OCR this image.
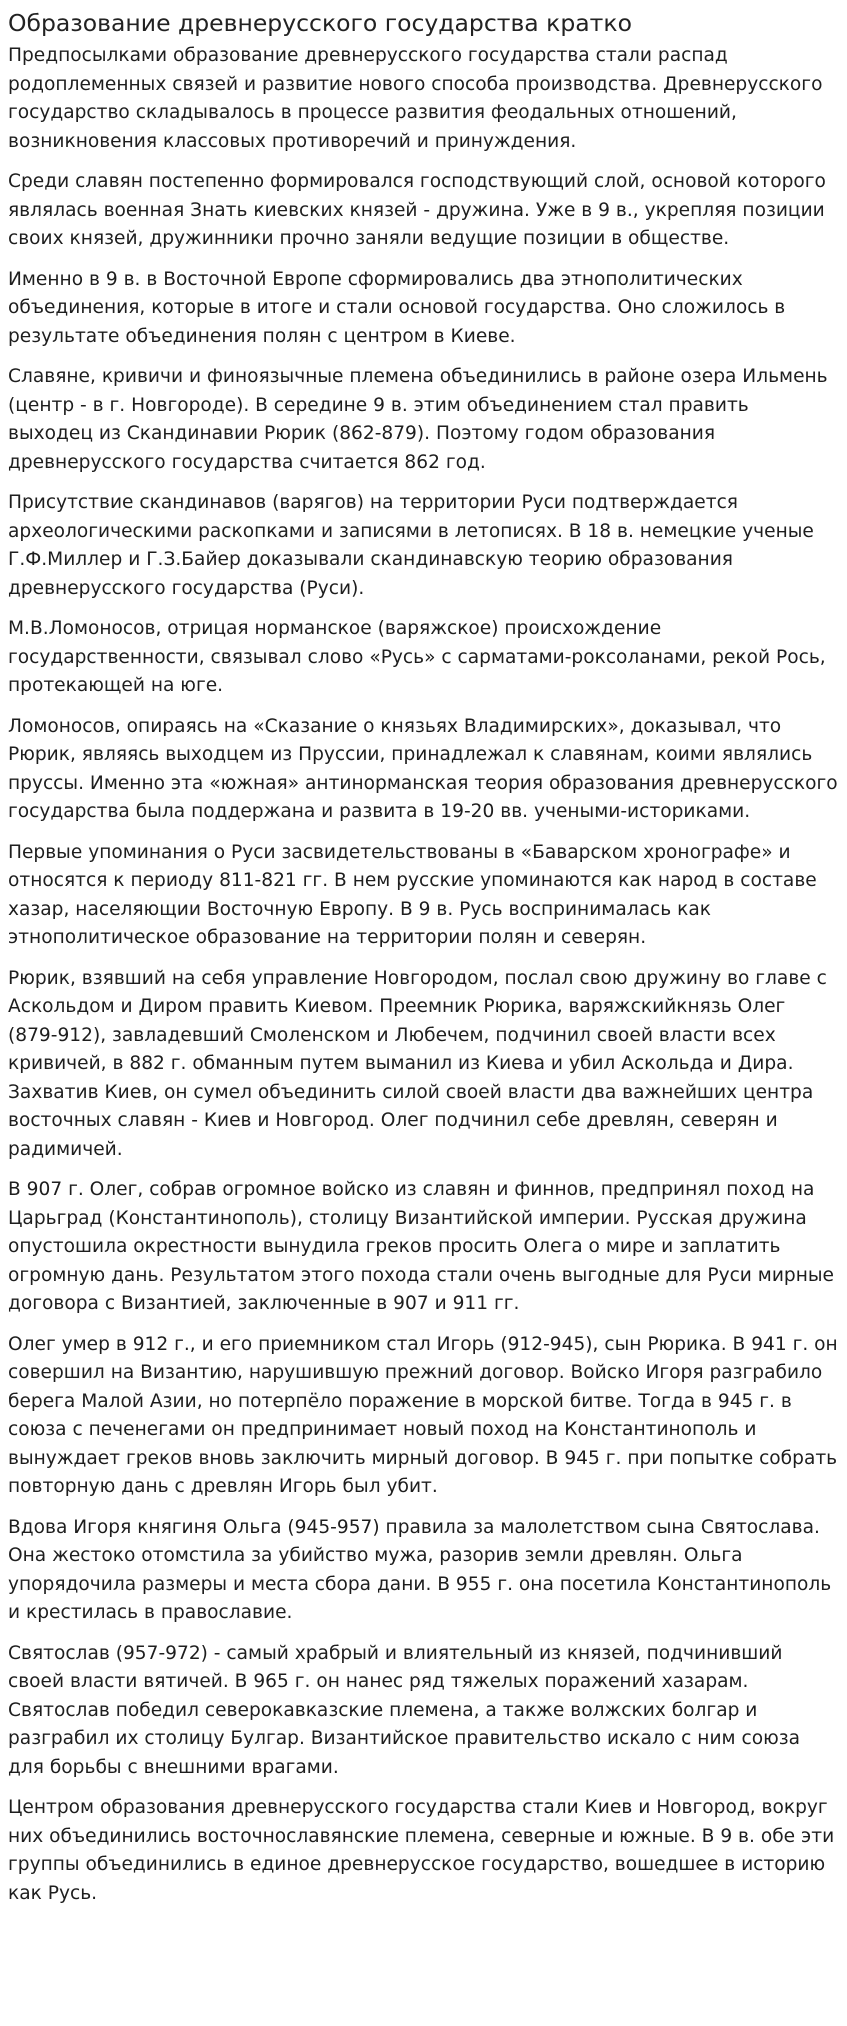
Образование древнерусского государства кратко

Предпосылками образование древнерусского государства стали распад родоплеменных связей и развитие нового способа производства. Древнерусского государство складывалось в процессе развития феодальных отношений, возникновения классовых противоречий и принуждения.

Среди славян постепенно формировался господствующий слой, основой которого являлась военная Знать киевских князей - дружина. Уже в 9 в., укрепляя позиции своих князей, дружинники прочно заняли ведущие позиции в обществе.

Именно в 9 в. в Восточной Европе сформировались два этнополитических объединения, которые в итоге и стали основой государства. Оно сложилось в результате объединения полян с центром в Киеве.

Славяне, кривичи и финоязычные племена объединились в районе озера Ильмень (центр - в г. Новгороде). В середине 9 в. этим объединением стал править выходец из Скандинавии Рюрик (862-879). Поэтому годом образования древнерусского государства считается 862 год.

Присутствие скандинавов (варягов) на территории Руси подтверждается археологическими раскопками и записями в летописях. В 18 в. немецкие ученые Г.Ф.Миллер и Г.З.Байер доказывали скандинавскую теорию образования древнерусского государства (Руси).

М.В.Ломоносов, отрицая норманское (варяжское) происхождение государственности, связывал слово «Русь» с сарматами-роксоланами, рекой Рось, протекающей на юге.

Ломоносов, опираясь на «Сказание о князьях Владимирских», доказывал, что Рюрик, являясь выходцем из Пруссии, принадлежал к славянам, коими являлись пруссы. Именно эта «южная» антинорманская теория образования древнерусского государства была поддержана и развита в 19-20 вв. учеными-историками.

Первые упоминания о Руси засвидетельствованы в «Баварском хронографе» и относятся к периоду 811-821 гг. В нем русские упоминаются как народ в составе хазар, населяющии Восточную Европу. В 9 в. Русь воспринималась как этнополитическое образование на территории полян и северян.

Рюрик, взявший на себя управление Новгородом, послал свою дружину во главе с Аскольдом и Диром править Киевом. Преемник Рюрика, варяжскийкнязь Олег (879-912), завладевший Смоленском и Любечем, подчинил своей власти всех кривичей, в 882 г. обманным путем выманил из Киева и убил Аскольда и Дира. Захватив Киев, он сумел объединить силой своей власти два важнейших центра восточных славян - Киев и Новгород. Олег подчинил себе древлян, северян и радимичей.

В 907 г. Олег, собрав огромное войско из славян и финнов, предпринял поход на Царьград (Константинополь), столицу Византийской империи. Русская дружина опустошила окрестности вынудила греков просить Олега о мире и заплатить огромную дань. Результатом этого похода стали очень выгодные для Руси мирные договора с Византией, заключенные в 907 и 911 гг.

Олег умер в 912 г., и его приемником стал Игорь (912-945), сын Рюрика. В 941 г. он совершил на Византию, нарушившую прежний договор. Войско Игоря разграбило берега Малой Азии, но потерпёло поражение в морской битве. Тогда в 945 г. в союза с печенегами он предпринимает новый поход на Константинополь и вынуждает греков вновь заключить мирный договор. В 945 г. при попытке собрать повторную дань с древлян Игорь был убит.

Вдова Игоря княгиня Ольга (945-957) правила за малолетством сына Святослава. Она жестоко отомстила за убийство мужа, разорив земли древлян. Ольга упорядочила размеры и места сбора дани. В 955 г. она посетила Константинополь и крестилась в православие.

Святослав (957-972) - самый храбрый и влиятельный из князей, подчинивший своей власти вятичей. В 965 г. он нанес ряд тяжелых поражений хазарам. Святослав победил северокавказские племена, а также волжских болгар и разграбил их столицу Булгар. Византийское правительство искало с ним союза для борьбы с внешними врагами.

Центром образования древнерусского государства стали Киев и Новгород, вокруг них объединились восточнославянские племена, северные и южные. В 9 в. обе эти группы объединились в единое древнерусское государство, вошедшее в историю как Русь.
